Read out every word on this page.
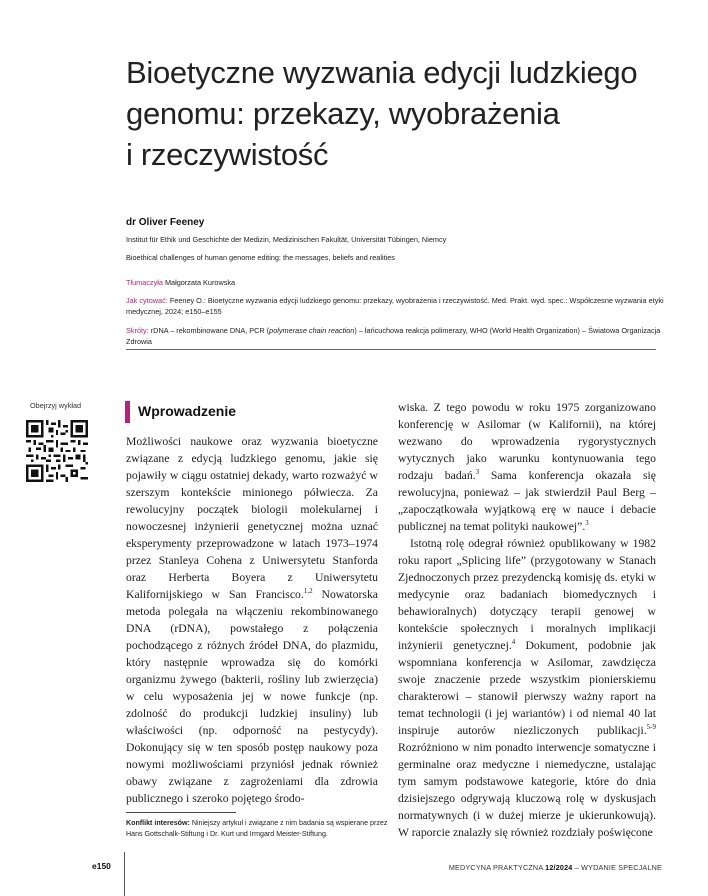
Bioetyczne wyzwania edycji ludzkiego
genomu: przekazy, wyobrażenia
i rzeczywistość
dr Oliver Feeney
Institut für Ethik und Geschichte der Medizin, Medizinischen Fakultät, Universität Tübingen, Niemcy
Bioethical challenges of human genome editing: the messages, beliefs and realities
Tłumaczyła Małgorzata Kurowska
Jak cytować: Feeney O.: Bioetyczne wyzwania edycji ludzkiego genomu: przekazy, wyobrażenia i rzeczywistość. Med. Prakt. wyd. spec.: Współczesne wyzwania etyki medycznej, 2024; e150–e155
Skróty: rDNA – rekombinowane DNA, PCR (polymerase chain reaction) – łańcuchowa reakcja polimerazy, WHO (World Health Organization) – Światowa Organizacja Zdrowia
Obejrzyj wykład	Wprowadzenie

Możliwości naukowe oraz wyzwania bioetyczne związane z edycją ludzkiego genomu, jakie się pojawiły w ciągu ostatniej dekady, warto rozważyć w szerszym kontekście minionego półwiecza. Za rewolucyjny początek biologii molekularnej i nowoczesnej inżynierii genetycznej można uznać eksperymenty przeprowadzone w latach 1973–1974 przez Stanleya Cohena z Uniwersytetu Stanforda oraz Herberta Boyera z Uniwersytetu Kalifornijskiego w San Francisco.$^{1,2}$ Nowatorska metoda polegała na włączeniu rekombinowanego DNA (rDNA), powstałego z połączenia pochodzącego z różnych źródeł DNA, do plazmidu, który następnie wprowadza się do komórki organizmu żywego (bakterii, rośliny lub zwierzęcia) w celu wyposażenia jej w nowe funkcje (np. zdolność do produkcji ludzkiej insuliny) lub właściwości (np. odporność na pestycydy). Dokonujący się w ten sposób postęp naukowy poza nowymi możliwościami przyniósł jednak również obawy związane z zagrożeniami dla zdrowia publicznego i szeroko pojętego środo-

wiska. Z tego powodu w roku 1975 zorganizowano konferencję w Asilomar (w Kalifornii), na której wezwano do wprowadzenia rygorystycznych wytycznych jako warunku kontynuowania tego rodzaju badań.$^3$ Sama konferencja okazała się rewolucyjna, ponieważ – jak stwierdził Paul Berg – „zapoczątkowała wyjątkową erę w nauce i debacie publicznej na temat polityki naukowej”.$^3$

Istotną rolę odegrał również opublikowany w 1982 roku raport „Splicing life” (przygotowany w Stanach Zjednoczonych przez prezydencką komisję ds. etyki w medycynie oraz badaniach biomedycznych i behawioralnych) dotyczący terapii genowej w kontekście społecznych i moralnych implikacji inżynierii genetycznej.$^4$ Dokument, podobnie jak wspomniana konferencja w Asilomar, zawdzięcza swoje znaczenie przede wszystkim pionierskiemu charakterowi – stanowił pierwszy ważny raport na temat technologii (i jej wariantów) i od niemal 40 lat inspiruje autorów niezliczonych publikacji.$^{5-9}$ Rozróżniono w nim ponadto interwencje somatyczne i germinalne oraz medyczne i niemedyczne, ustalając tym samym podstawowe kategorie, które do dnia dzisiejszego odgrywają kluczową rolę w dyskusjach normatywnych (i w dużej mierze je ukierunkowują). W raporcie znalazły się również rozdziały poświęcone

Konflikt interesów: Niniejszy artykuł i związane z nim badania są wspierane przez Hans Gottschalk-Stiftung i Dr. Kurt und Irmgard Meister-Stiftung.
e150	MEDYCYNA PRAKTYCZNA 12/2024 – WYDANIE SPECJALNE
